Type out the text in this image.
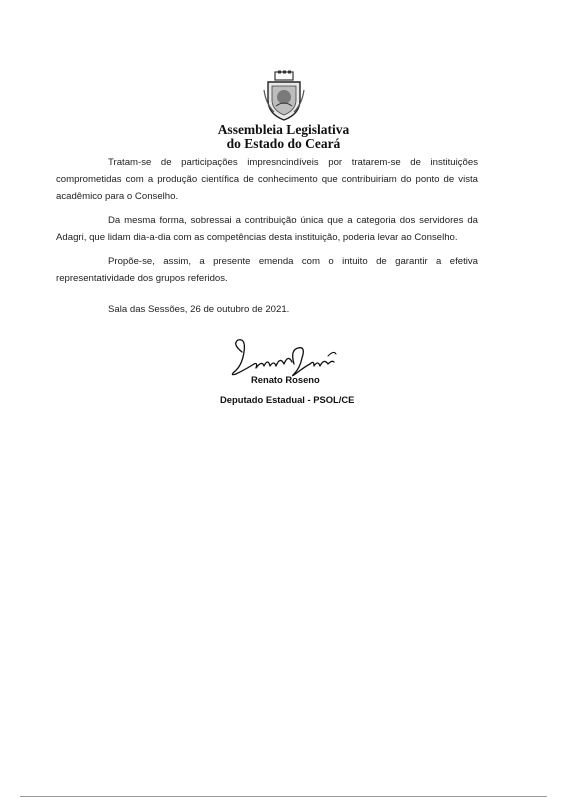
Assembleia Legislativa
do Estado do Ceará

Tratam-se de participações impresncindíveis por tratarem-se de instituições comprometidas com a produção científica de conhecimento que contribuiriam do ponto de vista acadêmico para o Conselho.

Da mesma forma, sobressai a contribuição única que a categoria dos servidores da Adagri, que lidam dia-a-dia com as competências desta instituição, poderia levar ao Conselho.

Propõe-se, assim, a presente emenda com o intuito de garantir a efetiva representatividade dos grupos referidos.

Sala das Sessões, 26 de outubro de 2021.
Renato Roseno
Deputado Estadual - PSOL/CE
